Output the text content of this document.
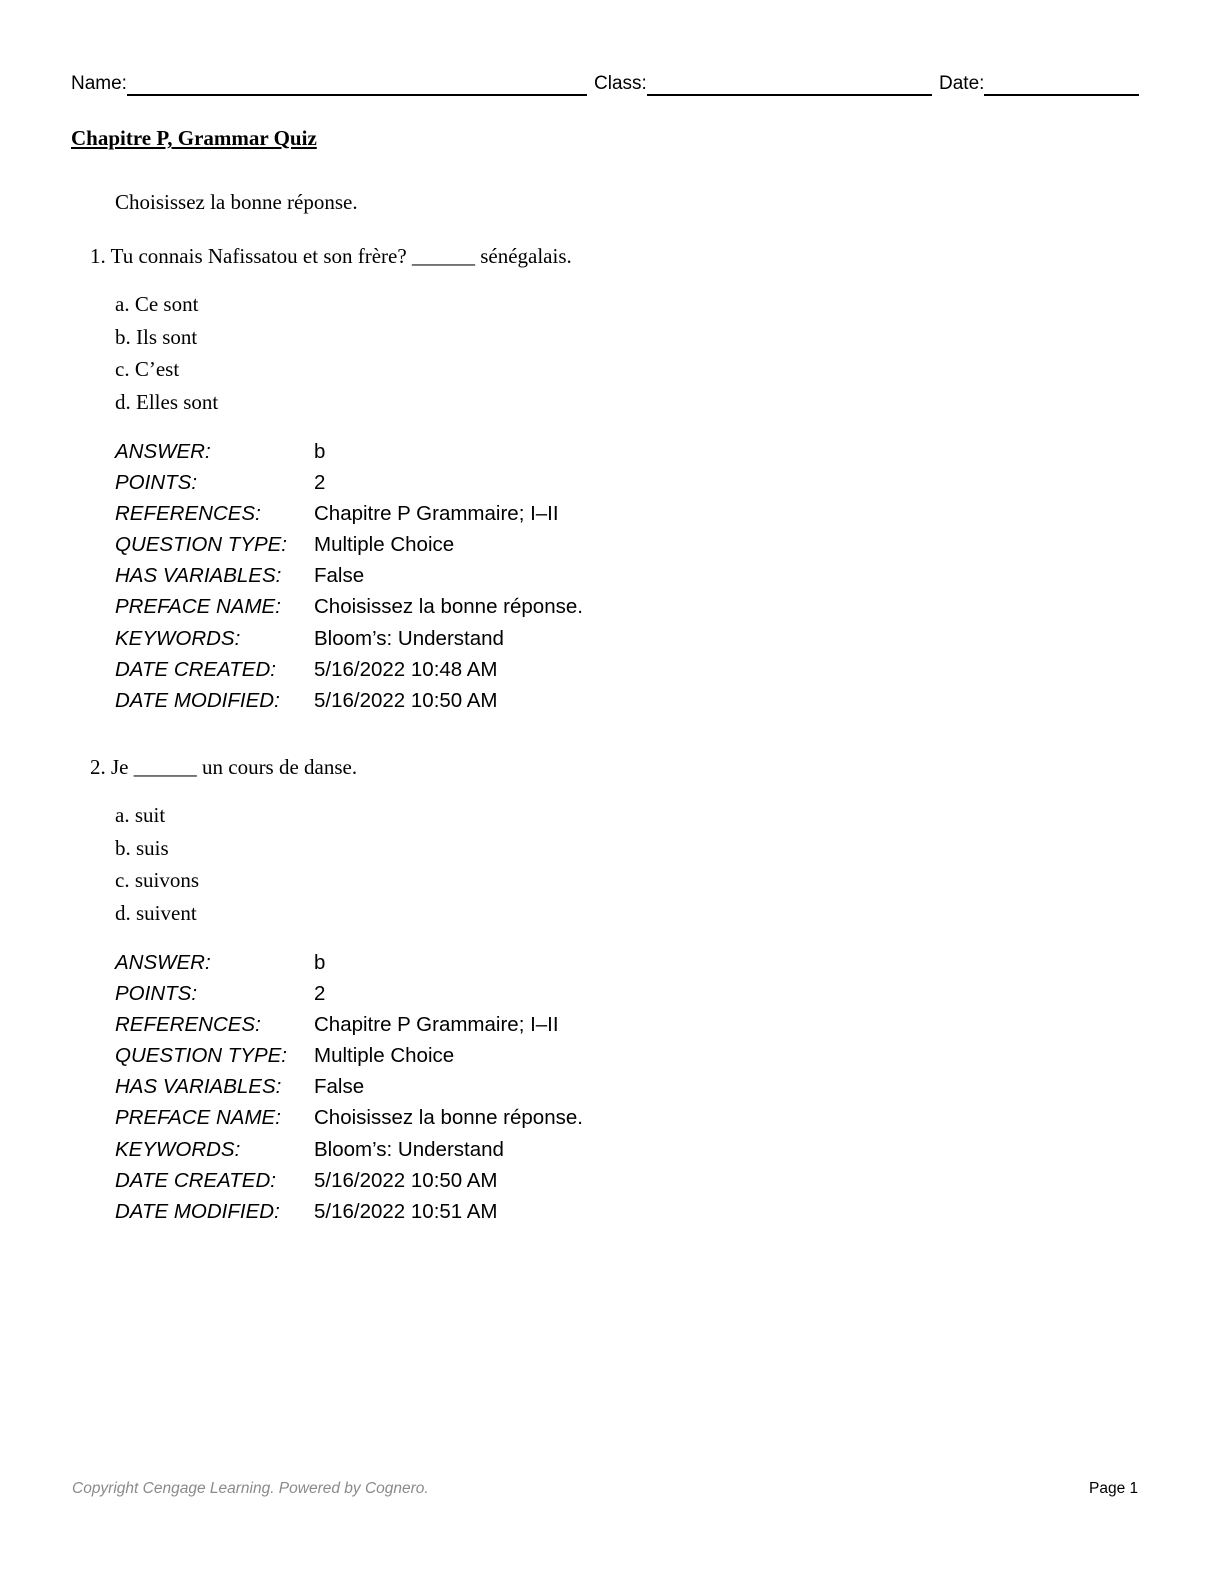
Name:	Class:	Date:
Chapitre P, Grammar Quiz
Choisissez la bonne réponse.
1. Tu connais Nafissatou et son frère? ______ sénégalais.
a. Ce sont
b. Ils sont
c. C’est
d. Elles sont
ANSWER:	b
POINTS:	2
REFERENCES:	Chapitre P Grammaire; I–II
QUESTION TYPE:	Multiple Choice
HAS VARIABLES:	False
PREFACE NAME:	Choisissez la bonne réponse.
KEYWORDS:	Bloom’s: Understand
DATE CREATED:	5/16/2022 10:48 AM
DATE MODIFIED:	5/16/2022 10:50 AM
2. Je ______ un cours de danse.
a. suit
b. suis
c. suivons
d. suivent
ANSWER:	b
POINTS:	2
REFERENCES:	Chapitre P Grammaire; I–II
QUESTION TYPE:	Multiple Choice
HAS VARIABLES:	False
PREFACE NAME:	Choisissez la bonne réponse.
KEYWORDS:	Bloom’s: Understand
DATE CREATED:	5/16/2022 10:50 AM
DATE MODIFIED:	5/16/2022 10:51 AM
Copyright Cengage Learning. Powered by Cognero.	Page 1
